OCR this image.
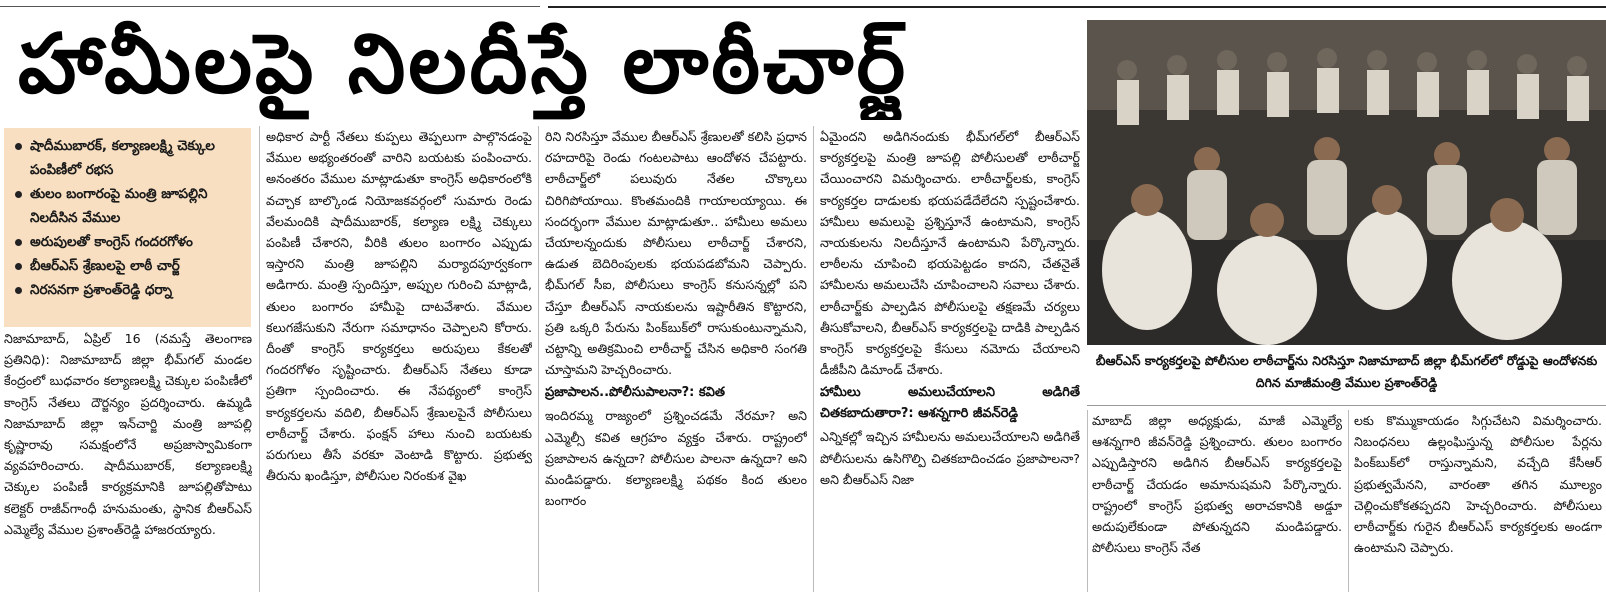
హామీలపై నిలదీస్తే లాఠీచార్జ్
షాదీముబారక్, కల్యాణలక్ష్మి చెక్కుల పంపిణీలో రభస
తులం బంగారంపై మంత్రి జూపల్లిని నిలదీసిన వేముల
అరుపులతో కాంగ్రెస్ గందరగోళం
బీఆర్ఎస్ శ్రేణులపై లాఠీ చార్జ్
నిరసనగా ప్రశాంత్‌రెడ్డి ధర్నా

నిజామాబాద్, ఏప్రిల్ 16 (నమస్తే తెలంగాణ ప్రతినిధి): నిజామాబాద్ జిల్లా భీమ్‌గల్ మండల కేంద్రంలో బుధవారం కల్యాణలక్ష్మి చెక్కుల పంపిణీలో కాంగ్రెస్ నేతలు దౌర్జన్యం ప్రదర్శించారు. ఉమ్మడి నిజామాబాద్ జిల్లా ఇన్‌చార్జి మంత్రి జూపల్లి కృష్ణారావు సమక్షంలోనే అప్రజాస్వామికంగా వ్యవహరించారు. షాదీముబారక్, కల్యాణలక్ష్మి చెక్కుల పంపిణీ కార్యక్రమానికి జూపల్లితోపాటు కలెక్టర్ రాజీవ్‌గాంధీ హనుమంతు, స్థానిక బీఆర్ఎస్ ఎమ్మెల్యే వేముల ప్రశాంత్‌రెడ్డి హాజరయ్యారు.

అధికార పార్టీ నేతలు కుప్పలు తెప్పలుగా పాల్గొనడంపై వేముల అభ్యంతరంతో వారిని బయటకు పంపించారు. అనంతరం వేముల మాట్లాడుతూ కాంగ్రెస్ అధికారంలోకి వచ్చాక బాల్కొండ నియోజకవర్గంలో సుమారు రెండు వేలమందికి షాదీముబారక్, కల్యాణ లక్ష్మి చెక్కులు పంపిణీ చేశారని, వీరికి తులం బంగారం ఎప్పుడు ఇస్తారని మంత్రి జూపల్లిని మర్యాదపూర్వకంగా అడిగారు. మంత్రి స్పందిస్తూ, అప్పుల గురించి మాట్లాడి, తులం బంగారం హామీపై దాటవేశారు. వేముల కలుగజేసుకుని నేరుగా సమాధానం చెప్పాలని కోరారు. దీంతో కాంగ్రెస్ కార్యకర్తలు అరుపులు కేకలతో గందరగోళం సృష్టించారు. బీఆర్ఎస్ నేతలు కూడా ప్రతిగా స్పందించారు. ఈ నేపథ్యంలో కాంగ్రెస్ కార్యకర్తలను వదిలి, బీఆర్ఎస్ శ్రేణులపైనే పోలీసులు లాఠీచార్జ్ చేశారు. ఫంక్షన్ హాలు నుంచి బయటకు పరుగులు తీసే వరకూ వెంటాడి కొట్టారు. ప్రభుత్వ తీరును ఖండిస్తూ, పోలీసుల నిరంకుశ వైఖ

రిని నిరసిస్తూ వేముల బీఆర్ఎస్ శ్రేణులతో కలిసి ప్రధాన రహదారిపై రెండు గంటలపాటు ఆందోళన చేపట్టారు. లాఠీచార్జ్‌లో పలువురు నేతల చొక్కాలు చిరిగిపోయాయి. కొంతమందికి గాయాలయ్యాయి. ఈ సందర్భంగా వేముల మాట్లాడుతూ.. హామీలు అమలు చేయాలన్నందుకు పోలీసులు లాఠీచార్జ్ చేశారని, ఉడుత బెదిరింపులకు భయపడబోమని చెప్పారు. భీమ్‌గల్ సీఐ, పోలీసులు కాంగ్రెస్ కనుసన్నల్లో పని చేస్తూ బీఆర్ఎస్ నాయకులను ఇష్టారీతిన కొట్టారని, ప్రతి ఒక్కరి పేరును పింక్‌బుక్‌లో రాసుకుంటున్నామని, చట్టాన్ని అతిక్రమించి లాఠీచార్జ్ చేసిన అధికారి సంగతి చూస్తామని హెచ్చరించారు.

ప్రజాపాలన..పోలీసుపాలనా?: కవిత

ఇందిరమ్మ రాజ్యంలో ప్రశ్నించడమే నేరమా? అని ఎమ్మెల్సీ కవిత ఆగ్రహం వ్యక్తం చేశారు. రాష్ట్రంలో ప్రజాపాలన ఉన్నదా? పోలీసుల పాలనా ఉన్నదా? అని మండిపడ్డారు. కల్యాణలక్ష్మి పథకం కింద తులం బంగారం

ఏమైందని అడిగినందుకు భీమ్‌గల్‌లో బీఆర్ఎస్ కార్యకర్తలపై మంత్రి జూపల్లి పోలీసులతో లాఠీచార్జ్ చేయించారని విమర్శించారు. లాఠీచార్జ్‌లకు, కాంగ్రెస్ కార్యకర్తల దాడులకు భయపడేదేలేదని స్పష్టంచేశారు. హామీలు అమలుపై ప్రశ్నిస్తూనే ఉంటామని, కాంగ్రెస్ నాయకులను నిలదీస్తూనే ఉంటామని పేర్కొన్నారు. లాఠీలను చూపించి భయపెట్టడం కాదని, చేతనైతే హామీలను అమలుచేసి చూపించాలని సవాలు చేశారు. లాఠీచార్జ్‌కు పాల్పడిన పోలీసులపై తక్షణమే చర్యలు తీసుకోవాలని, బీఆర్ఎస్ కార్యకర్తలపై దాడికి పాల్పడిన కాంగ్రెస్ కార్యకర్తలపై కేసులు నమోదు చేయాలని డీజీపీని డిమాండ్ చేశారు.

హామీలు అమలుచేయాలని అడిగితే చితకబాదుతారా?: ఆశన్నగారి జీవన్‌రెడ్డి

ఎన్నికల్లో ఇచ్చిన హామీలను అమలుచేయాలని అడిగితే పోలీసులను ఉసిగొల్పి చితకబాదించడం ప్రజాపాలనా? అని బీఆర్ఎస్ నిజా

బీఆర్ఎస్ కార్యకర్తలపై పోలీసుల లాఠీచార్జ్‌ను నిరసిస్తూ నిజామాబాద్ జిల్లా భీమ్‌గల్‌లో రోడ్డుపై ఆందోళనకు దిగిన మాజీమంత్రి వేముల ప్రశాంత్‌రెడ్డి

మాబాద్ జిల్లా అధ్యక్షుడు, మాజీ ఎమ్మెల్యే ఆశన్నగారి జీవన్‌రెడ్డి ప్రశ్నించారు. తులం బంగారం ఎప్పుడిస్తారని అడిగిన బీఆర్ఎస్ కార్యకర్తలపై లాఠీచార్జ్ చేయడం అమానుషమని పేర్కొన్నారు. రాష్ట్రంలో కాంగ్రెస్ ప్రభుత్వ అరాచకానికి అడ్డూ అదుపులేకుండా పోతున్నదని మండిపడ్డారు. పోలీసులు కాంగ్రెస్ నేత

లకు కొమ్ముకాయడం సిగ్గుచేటని విమర్శించారు. నిబంధనలు ఉల్లంఘిస్తున్న పోలీసుల పేర్లను పింక్‌బుక్‌లో రాస్తున్నామని, వచ్చేది కేసీఆర్ ప్రభుత్వమేనని, వారంతా తగిన మూల్యం చెల్లించుకోకతప్పదని హెచ్చరించారు. పోలీసులు లాఠీచార్జ్‌కు గురైన బీఆర్ఎస్ కార్యకర్తలకు అండగా ఉంటామని చెప్పారు.
